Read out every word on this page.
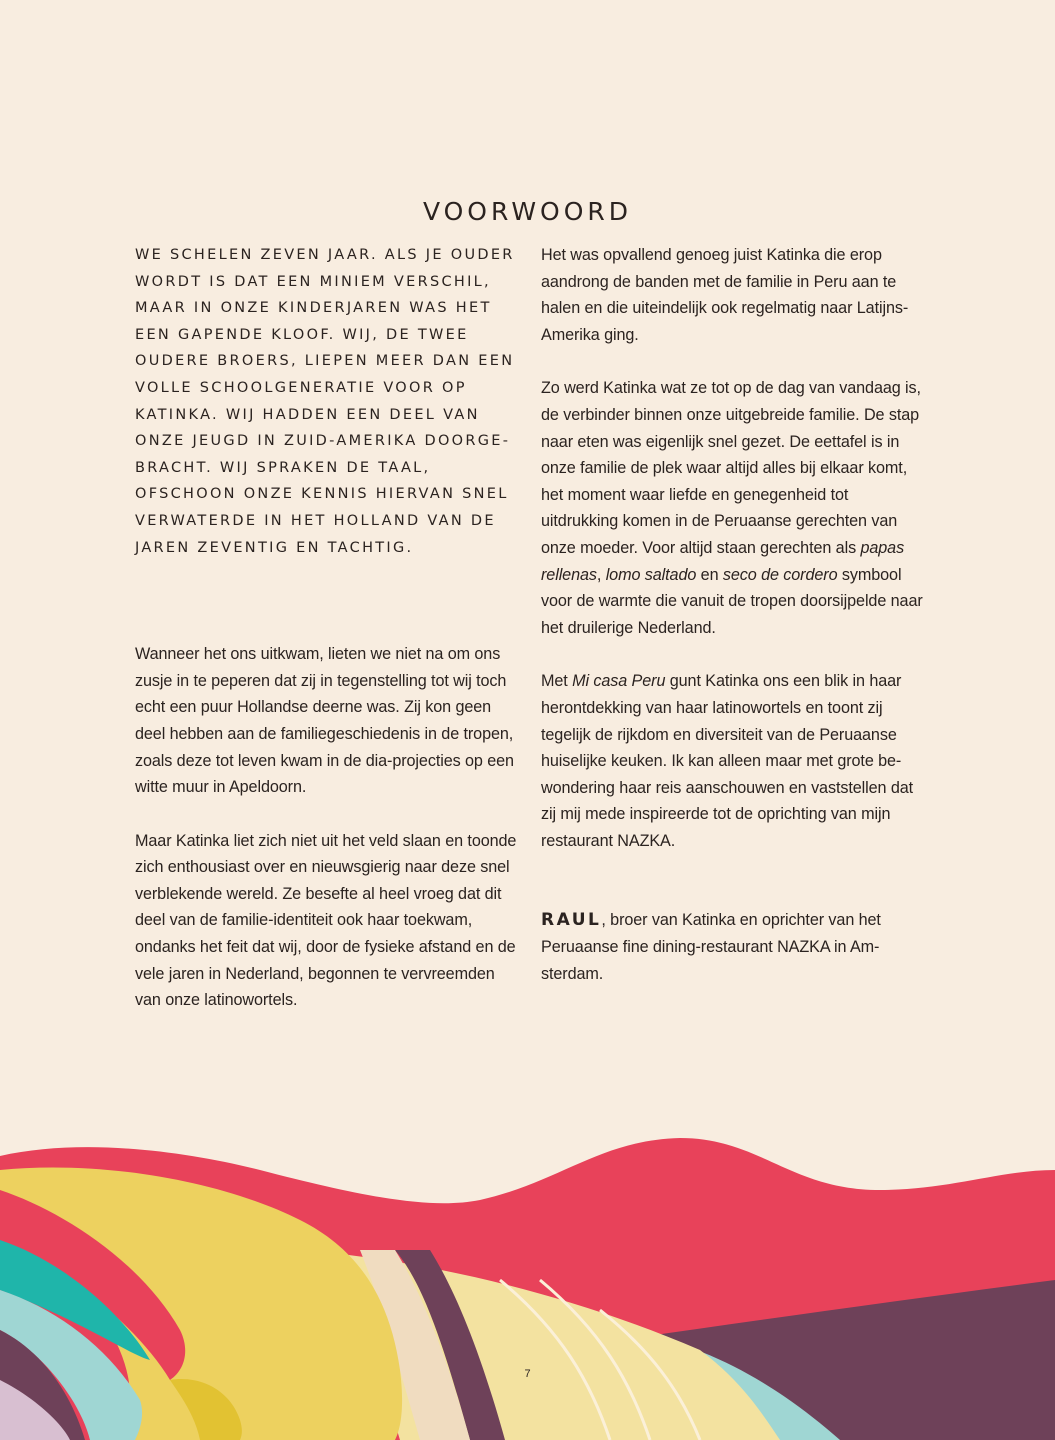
VOORWOORD

WE SCHELEN ZEVEN JAAR. ALS JE OUDER WORDT IS DAT EEN MINIEM VERSCHIL, MAAR IN ONZE KINDERJAREN WAS HET EEN GAPENDE KLOOF. WIJ, DE TWEE OUDERE BROERS, LIEPEN MEER DAN EEN VOLLE SCHOOLGENERATIE VOOR OP KATINKA. WIJ HADDEN EEN DEEL VAN ONZE JEUGD IN ZUID-AMERIKA DOORGE-BRACHT. WIJ SPRAKEN DE TAAL, OFSCHOON ONZE KENNIS HIERVAN SNEL VERWATERDE IN HET HOLLAND VAN DE JAREN ZEVENTIG EN TACHTIG.

Wanneer het ons uitkwam, lieten we niet na om ons zusje in te peperen dat zij in tegenstelling tot wij toch echt een puur Hollandse deerne was. Zij kon geen deel hebben aan de familiegeschiedenis in de tropen, zoals deze tot leven kwam in de dia-projecties op een witte muur in Apeldoorn.

Maar Katinka liet zich niet uit het veld slaan en toonde zich enthousiast over en nieuwsgierig naar deze snel verblekende wereld. Ze besefte al heel vroeg dat dit deel van de familie-identiteit ook haar toekwam, ondanks het feit dat wij, door de fysieke afstand en de vele jaren in Nederland, begonnen te vervreemden van onze latinowortels.

Het was opvallend genoeg juist Katinka die erop aandrong de banden met de familie in Peru aan te halen en die uiteindelijk ook regelmatig naar Latijns-Amerika ging.

Zo werd Katinka wat ze tot op de dag van vandaag is, de verbinder binnen onze uitgebreide familie. De stap naar eten was eigenlijk snel gezet. De eettafel is in onze familie de plek waar altijd alles bij elkaar komt, het moment waar liefde en genegenheid tot uitdrukking komen in de Peruaanse gerechten van onze moeder. Voor altijd staan gerechten als papas rellenas, lomo saltado en seco de cordero symbool voor de warmte die vanuit de tropen doorsijpelde naar het druilerige Nederland.

Met Mi casa Peru gunt Katinka ons een blik in haar herontdekking van haar latinowortels en toont zij tegelijk de rijkdom en diversiteit van de Peruaanse huiselijke keuken. Ik kan alleen maar met grote be-wondering haar reis aanschouwen en vaststellen dat zij mij mede inspireerde tot de oprichting van mijn restaurant NAZKA.

RAUL, broer van Katinka en oprichter van het Peruaanse fine dining-restaurant NAZKA in Am-sterdam.

7
